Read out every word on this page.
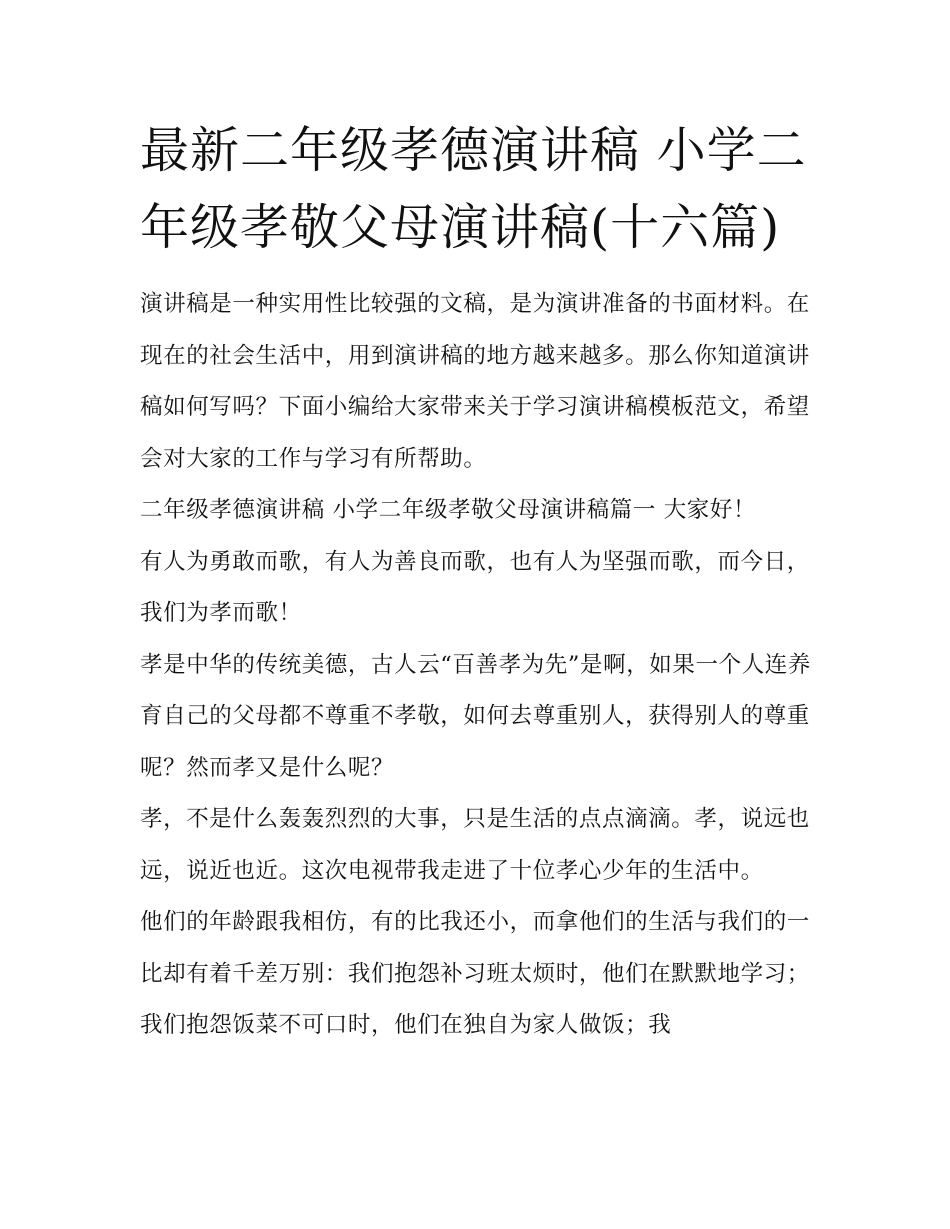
最新二年级孝德演讲稿 小学二年级孝敬父母演讲稿(十六篇)

演讲稿是一种实用性比较强的文稿，是为演讲准备的书面材料。在现在的社会生活中，用到演讲稿的地方越来越多。那么你知道演讲稿如何写吗？下面小编给大家带来关于学习演讲稿模板范文，希望会对大家的工作与学习有所帮助。

二年级孝德演讲稿 小学二年级孝敬父母演讲稿篇一 大家好！

有人为勇敢而歌，有人为善良而歌，也有人为坚强而歌，而今日，我们为孝而歌！

孝是中华的传统美德，古人云“百善孝为先”是啊，如果一个人连养育自己的父母都不尊重不孝敬，如何去尊重别人，获得别人的尊重呢？然而孝又是什么呢？

孝，不是什么轰轰烈烈的大事，只是生活的点点滴滴。孝，说远也远，说近也近。这次电视带我走进了十位孝心少年的生活中。

他们的年龄跟我相仿，有的比我还小，而拿他们的生活与我们的一比却有着千差万别：我们抱怨补习班太烦时，他们在默默地学习；我们抱怨饭菜不可口时，他们在独自为家人做饭；我
